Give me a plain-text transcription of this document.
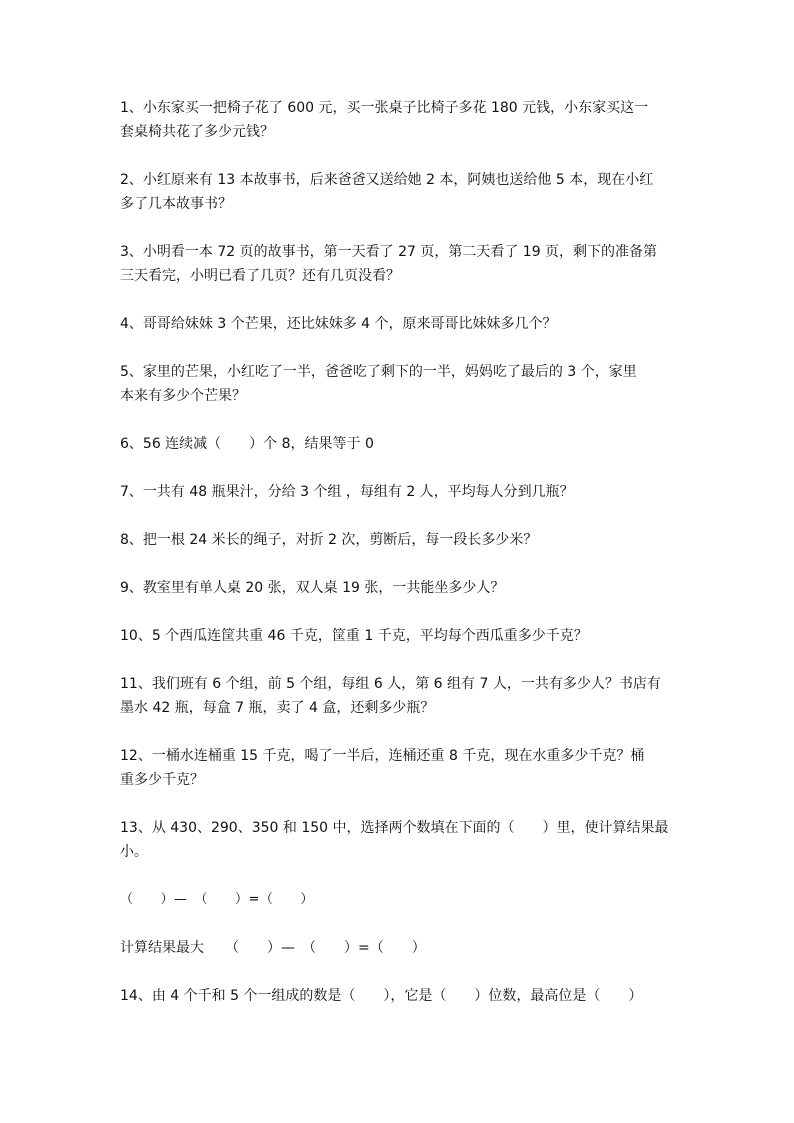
1、小东家买一把椅子花了 600 元，买一张桌子比椅子多花 180 元钱，小东家买这一
套桌椅共花了多少元钱？
2、小红原来有 13 本故事书，后来爸爸又送给她 2 本，阿姨也送给他 5 本，现在小红
多了几本故事书？
3、小明看一本 72 页的故事书，第一天看了 27 页，第二天看了 19 页，剩下的准备第
三天看完，小明已看了几页？还有几页没看？
4、哥哥给妹妹 3 个芒果，还比妹妹多 4 个，原来哥哥比妹妹多几个？
5、家里的芒果，小红吃了一半，爸爸吃了剩下的一半，妈妈吃了最后的 3 个，家里
本来有多少个芒果？
6、56 连续减（　　）个 8，结果等于 0
7、一共有 48 瓶果汁，分给 3 个组 ，每组有 2 人，平均每人分到几瓶？
8、把一根 24 米长的绳子，对折 2 次，剪断后，每一段长多少米？
9、教室里有单人桌 20 张，双人桌 19 张，一共能坐多少人？
10、5 个西瓜连筐共重 46 千克，筐重 1 千克，平均每个西瓜重多少千克？
11、我们班有 6 个组，前 5 个组，每组 6 人，第 6 组有 7 人，一共有多少人？书店有
墨水 42 瓶，每盒 7 瓶，卖了 4 盒，还剩多少瓶？
12、一桶水连桶重 15 千克，喝了一半后，连桶还重 8 千克，现在水重多少千克？桶
重多少千克？
13、从 430、290、350 和 150 中，选择两个数填在下面的（　　）里，使计算结果最
小。
（　　）—　（　　）=（　　）
计算结果最大　　（　　）—　（　　）=（　　）
14、由 4 个千和 5 个一组成的数是（　　），它是（　　）位数，最高位是（　　）
